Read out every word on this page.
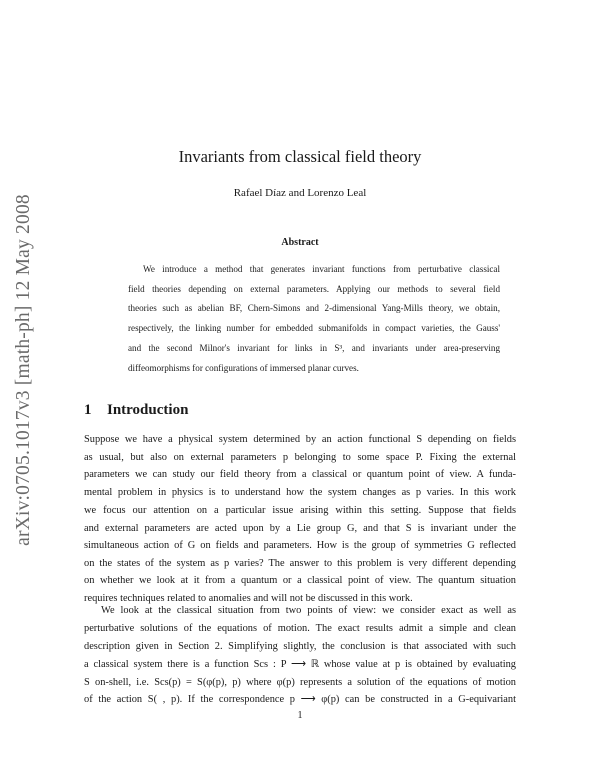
arXiv:0705.1017v3 [math-ph] 12 May 2008
Invariants from classical field theory
Rafael Díaz and Lorenzo Leal
Abstract
We introduce a method that generates invariant functions from perturbative classical
field theories depending on external parameters. Applying our methods to several field
theories such as abelian BF, Chern-Simons and 2-dimensional Yang-Mills theory, we obtain,
respectively, the linking number for embedded submanifolds in compact varieties, the Gauss'
and the second Milnor's invariant for links in S³, and invariants under area-preserving
diffeomorphisms for configurations of immersed planar curves.
1 Introduction
Suppose we have a physical system determined by an action functional S depending on fields
as usual, but also on external parameters p belonging to some space P. Fixing the external
parameters we can study our field theory from a classical or quantum point of view. A funda-
mental problem in physics is to understand how the system changes as p varies. In this work
we focus our attention on a particular issue arising within this setting. Suppose that fields
and external parameters are acted upon by a Lie group G, and that S is invariant under the
simultaneous action of G on fields and parameters. How is the group of symmetries G reflected
on the states of the system as p varies? The answer to this problem is very different depending
on whether we look at it from a quantum or a classical point of view. The quantum situation
requires techniques related to anomalies and will not be discussed in this work.
We look at the classical situation from two points of view: we consider exact as well as
perturbative solutions of the equations of motion. The exact results admit a simple and clean
description given in Section 2. Simplifying slightly, the conclusion is that associated with such
a classical system there is a function Scs : P ⟶ ℝ whose value at p is obtained by evaluating
S on-shell, i.e. Scs(p) = S(φ(p), p) where φ(p) represents a solution of the equations of motion
of the action S( , p). If the correspondence p ⟶ φ(p) can be constructed in a G-equivariant
1
